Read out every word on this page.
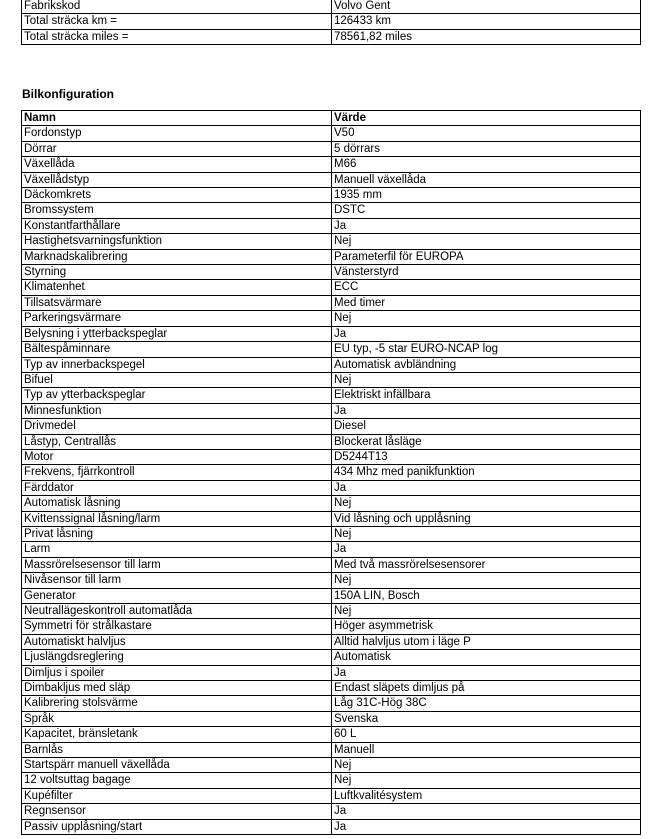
Fabrikskod	Volvo Gent
Total sträcka km =	126433 km
Total sträcka miles =	78561,82 miles
Bilkonfiguration
Namn	Värde
Fordonstyp	V50
Dörrar	5 dörrars
Växellåda	M66
Växellådstyp	Manuell växellåda
Däckomkrets	1935 mm
Bromssystem	DSTC
Konstantfarthållare	Ja
Hastighetsvarningsfunktion	Nej
Marknadskalibrering	Parameterfil för EUROPA
Styrning	Vänsterstyrd
Klimatenhet	ECC
Tillsatsvärmare	Med timer
Parkeringsvärmare	Nej
Belysning i ytterbackspeglar	Ja
Bältespåminnare	EU typ, -5 star EURO-NCAP log
Typ av innerbackspegel	Automatisk avbländning
Bifuel	Nej
Typ av ytterbackspeglar	Elektriskt infällbara
Minnesfunktion	Ja
Drivmedel	Diesel
Låstyp, Centrallås	Blockerat låsläge
Motor	D5244T13
Frekvens, fjärrkontroll	434 Mhz med panikfunktion
Färddator	Ja
Automatisk låsning	Nej
Kvittenssignal låsning/larm	Vid låsning och upplåsning
Privat låsning	Nej
Larm	Ja
Massrörelsesensor till larm	Med två massrörelsesensorer
Nivåsensor till larm	Nej
Generator	150A LIN, Bosch
Neutrallägeskontroll automatlåda	Nej
Symmetri för strålkastare	Höger asymmetrisk
Automatiskt halvljus	Alltid halvljus utom i läge P
Ljuslängdsreglering	Automatisk
Dimljus i spoiler	Ja
Dimbakljus med släp	Endast släpets dimljus på
Kalibrering stolsvärme	Låg 31C-Hög 38C
Språk	Svenska
Kapacitet, bränsletank	60 L
Barnlås	Manuell
Startspärr manuell växellåda	Nej
12 voltsuttag bagage	Nej
Kupéfilter	Luftkvalitésystem
Regnsensor	Ja
Passiv upplåsning/start	Ja
